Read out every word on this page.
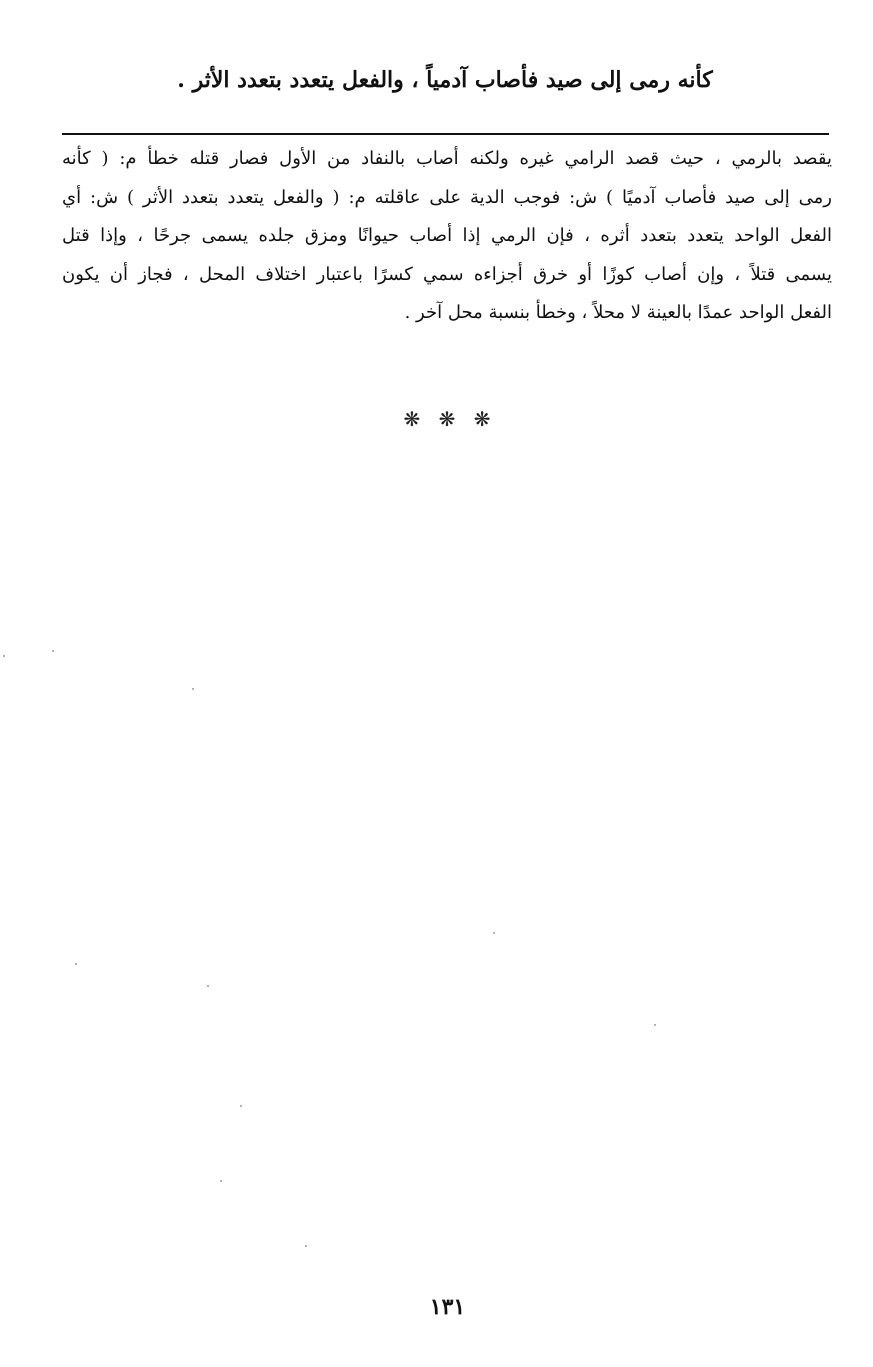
كأنه رمى إلى صيد فأصاب آدمياً ، والفعل يتعدد بتعدد الأثر .
يقصد بالرمي ، حيث قصد الرامي غيره ولكنه أصاب بالنفاد من الأول فصار قتله خطأ م: ( كأنه
رمى إلى صيد فأصاب آدميًا ) ش: فوجب الدية على عاقلته م: ( والفعل يتعدد بتعدد الأثر ) ش: أي
الفعل الواحد يتعدد بتعدد أثره ، فإن الرمي إذا أصاب حيوانًا ومزق جلده يسمى جرحًا ، وإذا قتل
يسمى قتلاً ، وإن أصاب كوزًا أو خرق أجزاءه سمي كسرًا باعتبار اختلاف المحل ، فجاز أن يكون
الفعل الواحد عمدًا بالعينة لا محلاً ، وخطأ بنسبة محل آخر .
❋ ❋ ❋
١٣١
